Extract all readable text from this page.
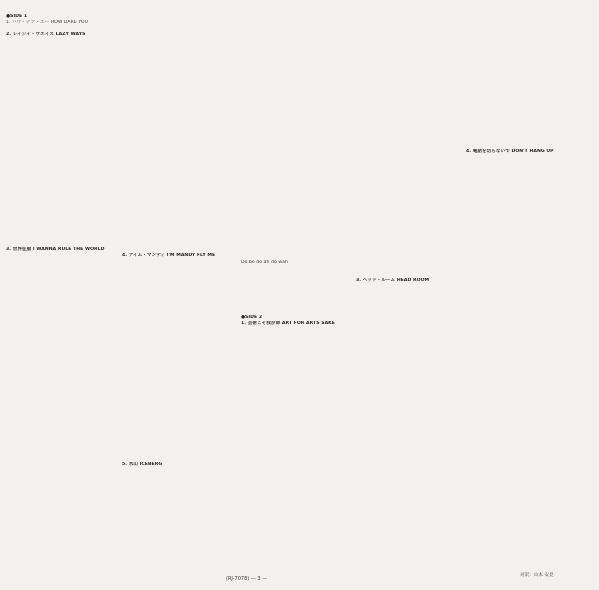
●SIDE 1
1. ハウ・デア・ユー HOW DARE YOU
2. レイジイ・ウエイズ LAZY WAYS
3. 世界征服 I WANNA RULE THE WORLD
4. アイム・マンディ I'M MANDY FLY ME
5. 氷山 ICEBERG
Do be do ah do wah
●SIDE 2
1. 芸術こそ我が命 ART FOR ARTS SAKE
3. ヘッド・ルーム HEAD ROOM
4. 電話を切らないで DON'T HANG UP
(RJ-7078) — 3 —
対訳：山本 安見
